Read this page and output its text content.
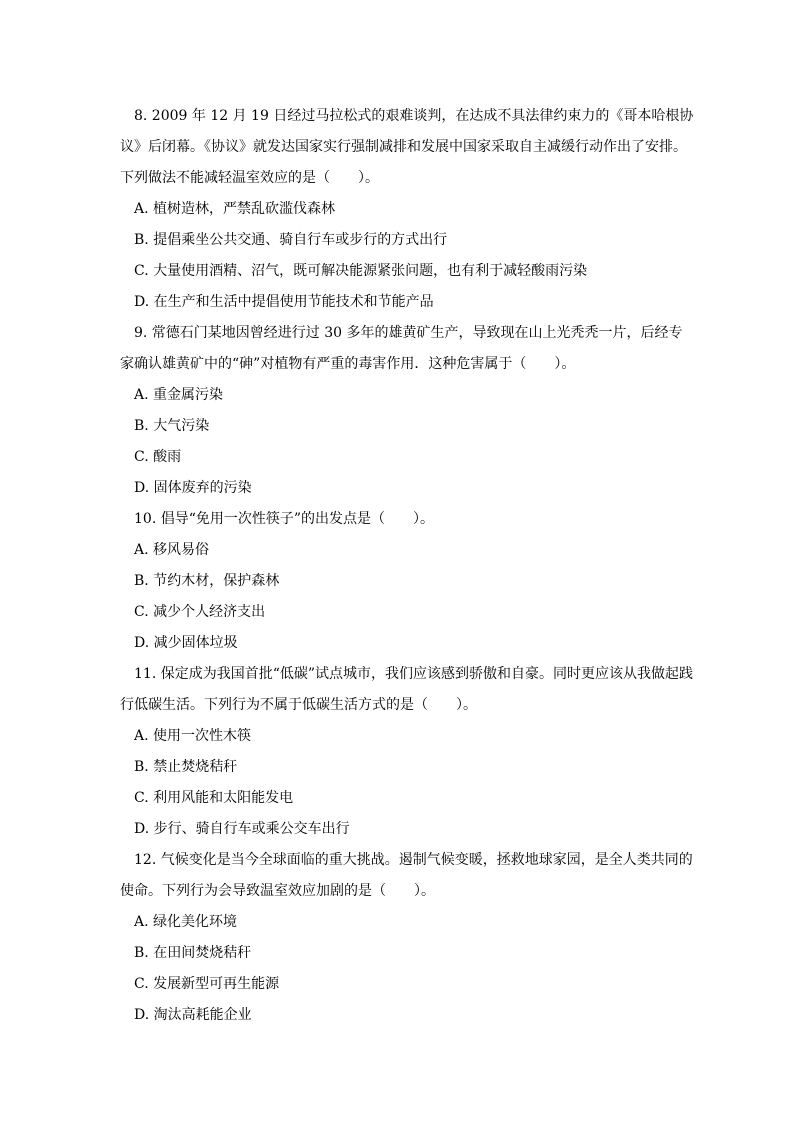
8. 2009 年 12 月 19 日经过马拉松式的艰难谈判，在达成不具法律约束力的《哥本哈根协议》后闭幕。《协议》就发达国家实行强制减排和发展中国家采取自主减缓行动作出了安排。下列做法不能减轻温室效应的是（　　）。

A. 植树造林，严禁乱砍滥伐森林

B. 提倡乘坐公共交通、骑自行车或步行的方式出行

C. 大量使用酒精、沼气，既可解决能源紧张问题，也有利于减轻酸雨污染

D. 在生产和生活中提倡使用节能技术和节能产品

9. 常德石门某地因曾经进行过 30 多年的雄黄矿生产，导致现在山上光秃秃一片，后经专家确认雄黄矿中的“砷”对植物有严重的毒害作用．这种危害属于（　　）。

A. 重金属污染

B. 大气污染

C. 酸雨

D. 固体废弃的污染

10. 倡导“免用一次性筷子”的出发点是（　　）。

A. 移风易俗

B. 节约木材，保护森林

C. 减少个人经济支出

D. 减少固体垃圾

11. 保定成为我国首批“低碳”试点城市，我们应该感到骄傲和自豪。同时更应该从我做起践行低碳生活。下列行为不属于低碳生活方式的是（　　）。

A. 使用一次性木筷

B. 禁止焚烧秸秆

C. 利用风能和太阳能发电

D. 步行、骑自行车或乘公交车出行

12. 气候变化是当今全球面临的重大挑战。遏制气候变暖，拯救地球家园，是全人类共同的使命。下列行为会导致温室效应加剧的是（　　）。

A. 绿化美化环境

B. 在田间焚烧秸秆

C. 发展新型可再生能源

D. 淘汰高耗能企业
